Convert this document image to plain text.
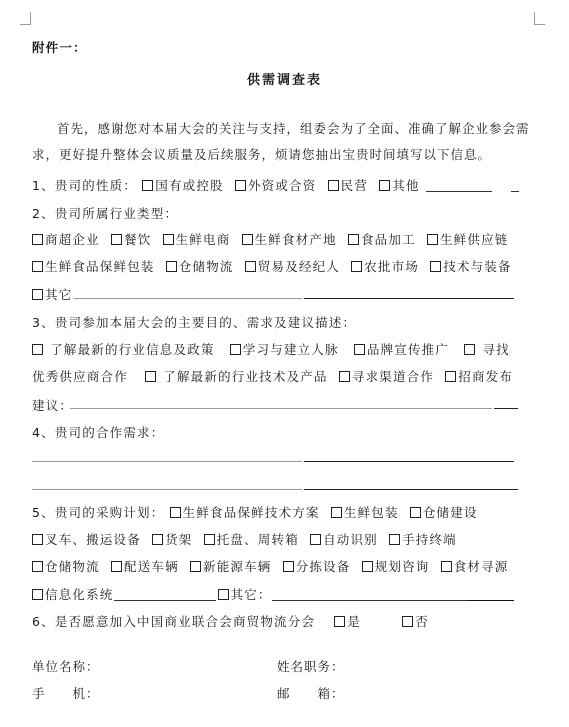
附件一：
供需调查表
首先，感谢您对本届大会的关注与支持，组委会为了全面、准确了解企业参会需求，更好提升整体会议质量及后续服务，烦请您抽出宝贵时间填写以下信息。
1、贵司的性质： 国有或控股 外资或合资 民营 其他
2、贵司所属行业类型：
商超企业 餐饮 生鲜电商 生鲜食材产地 食品加工 生鲜供应链
生鲜食品保鲜包装 仓储物流 贸易及经纪人 农批市场 技术与装备
其它
3、贵司参加本届大会的主要目的、需求及建议描述：
了解最新的行业信息及政策 学习与建立人脉 品牌宣传推广	寻找
优秀供应商合作	了解最新的行业技术及产品 寻求渠道合作 招商发布
建议：
4、贵司的合作需求：
5、贵司的采购计划： 生鲜食品保鲜技术方案 生鲜包装 仓储建设
叉车、搬运设备 货架 托盘、周转箱 自动识别 手持终端
仓储物流 配送车辆 新能源车辆 分拣设备 规划咨询 食材寻源
信息化系统	其它：
6、是否愿意加入中国商业联合会商贸物流分会	是	否
单位名称：	姓名职务：
手　　机：	邮　　箱：
